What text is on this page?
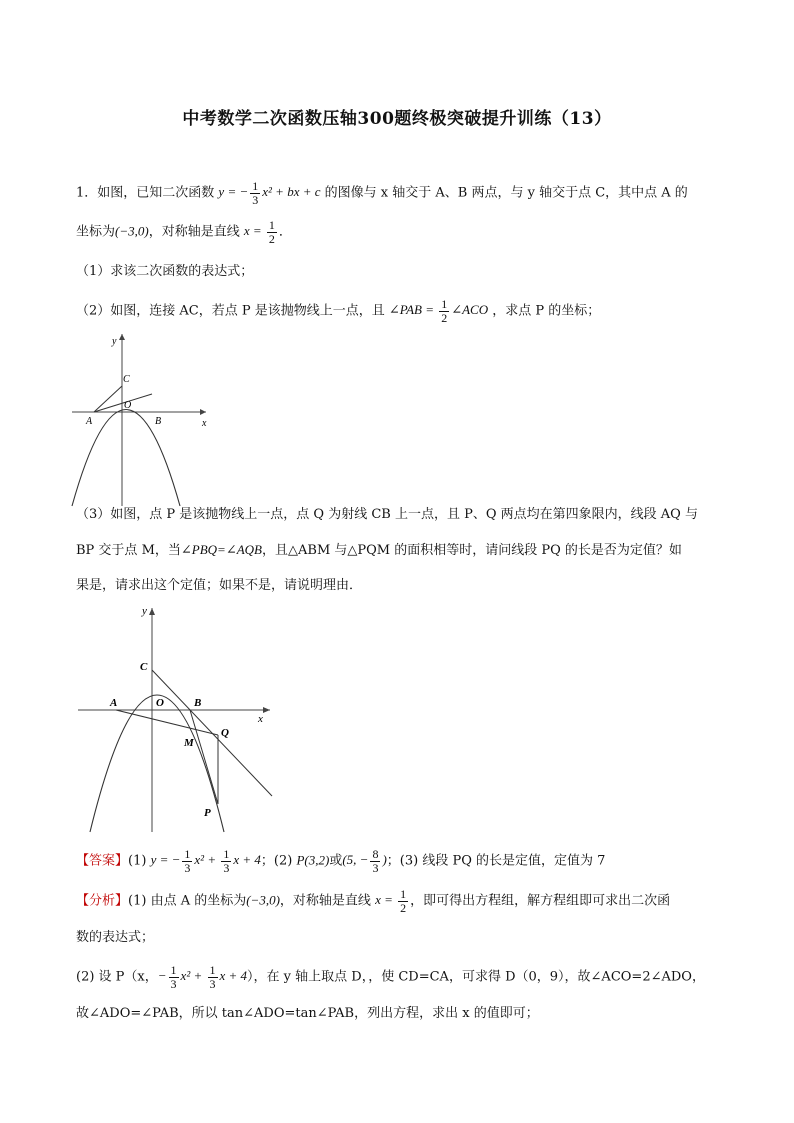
中考数学二次函数压轴300题终极突破提升训练（13）
1．如图，已知二次函数 y = − $\frac{1}{3} x^2$ + bx + c 的图像与 x 轴交于 A、B 两点，与 y 轴交于点 C，其中点 A 的
坐标为(−3,0)，对称轴是直线 $x = \frac{1}{2}$ ．
（1）求该二次函数的表达式；
（2）如图，连接 AC，若点 P 是该抛物线上一点，且 ∠PAB = $\frac{1}{2}$ ∠ACO ，求点 P 的坐标；
y
x
C
O
A	B
（3）如图，点 P 是该抛物线上一点，点 Q 为射线 CB 上一点，且 P、Q 两点均在第四象限内，线段 AQ 与
BP 交于点 M，当∠PBQ=∠AQB，且△ABM 与△PQM 的面积相等时，请问线段 PQ 的长是否为定值？如
果是，请求出这个定值；如果不是，请说明理由．
y
x
C
O
A	B
M
Q
P
【答案】(1) y = − $\frac{1}{3} x^2 + \frac{1}{3}$ x + 4；(2) P(3,2)或(5, − $\frac{8}{3}$ )；(3) 线段 PQ 的长是定值，定值为 7
【分析】(1) 由点 A 的坐标为(−3,0)，对称轴是直线 $x = \frac{1}{2}$ ，即可得出方程组，解方程组即可求出二次函
数的表达式；
(2) 设 P（x，− $\frac{1}{3} x^2 + \frac{1}{3}$ x + 4），在 y 轴上取点 D，，使 CD=CA，可求得 D（0，9），故∠ACO=2∠ADO，
故∠ADO=∠PAB，所以 tan∠ADO=tan∠PAB，列出方程，求出 x 的值即可；
